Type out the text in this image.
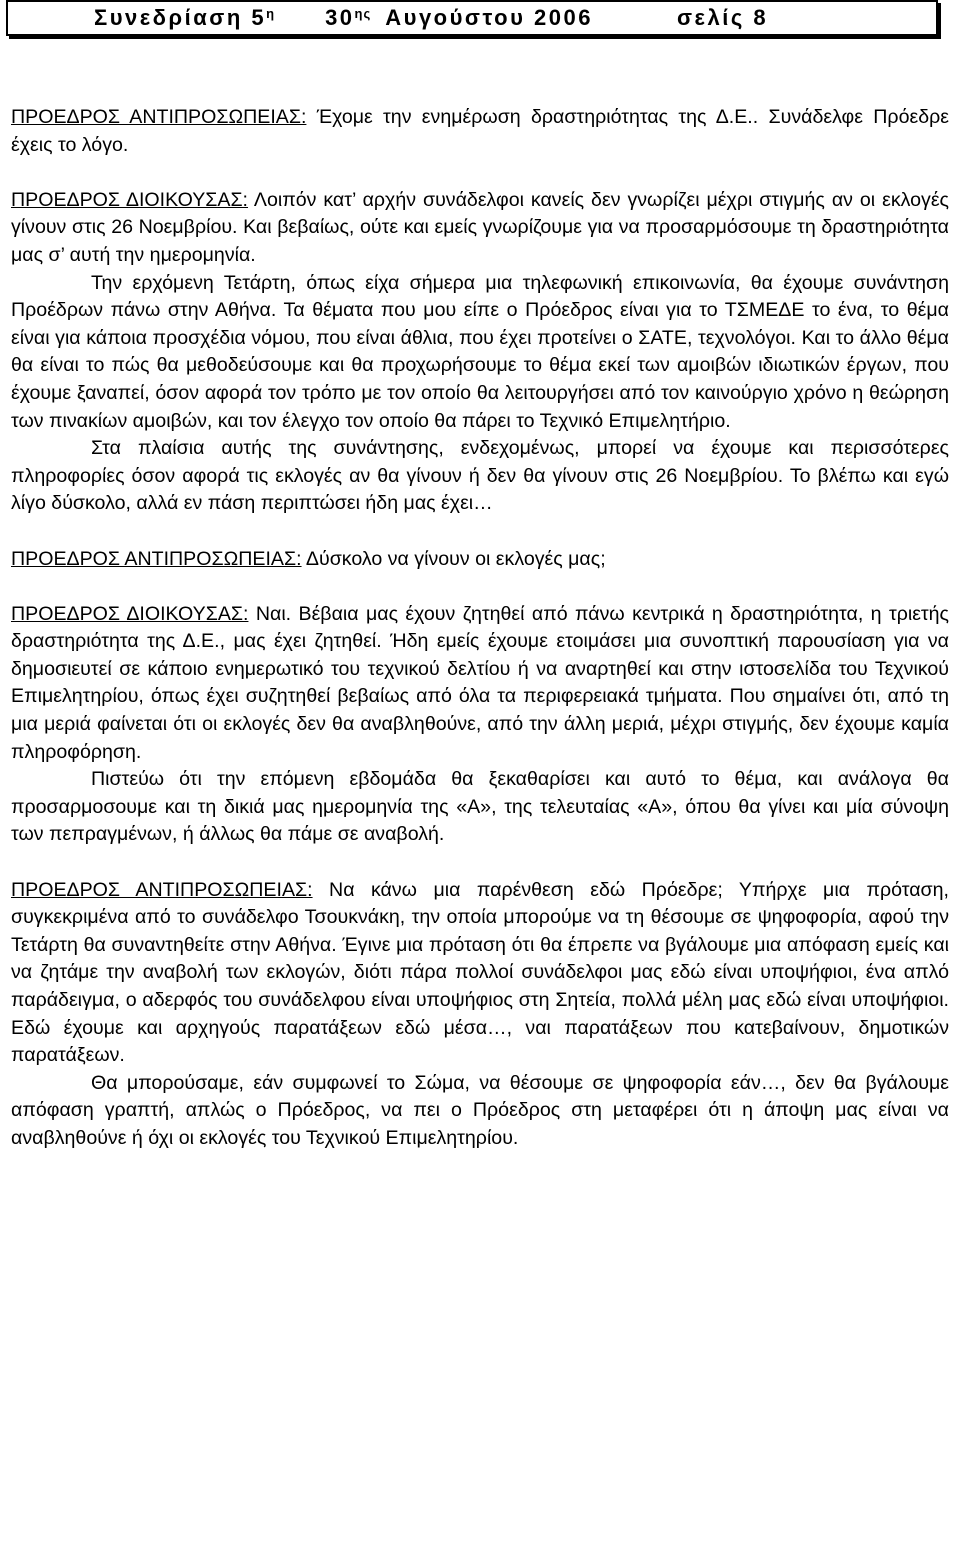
Συνεδρίαση $5^\eta$ $30^{\eta\varsigma}$ Αυγούστου 2006	σελίς 8

ΠΡΟΕΔΡΟΣ ΑΝΤΙΠΡΟΣΩΠΕΙΑΣ: Έχομε την ενημέρωση δραστηριότητας της Δ.Ε.. Συνάδελφε Πρόεδρε έχεις το λόγο.

ΠΡΟΕΔΡΟΣ ΔΙΟΙΚΟΥΣΑΣ: Λοιπόν κατ’ αρχήν συνάδελφοι κανείς δεν γνωρίζει μέχρι στιγμής αν οι εκλογές γίνουν στις 26 Νοεμβρίου. Και βεβαίως, ούτε και εμείς γνωρίζουμε για να προσαρμόσουμε τη δραστηριότητα μας σ’ αυτή την ημερομηνία.

Την ερχόμενη Τετάρτη, όπως είχα σήμερα μια τηλεφωνική επικοινωνία, θα έχουμε συνάντηση Προέδρων πάνω στην Αθήνα. Τα θέματα που μου είπε ο Πρόεδρος είναι για το ΤΣΜΕΔΕ το ένα, το θέμα είναι για κάποια προσχέδια νόμου, που είναι άθλια, που έχει προτείνει ο ΣΑΤΕ, τεχνολόγοι. Και το άλλο θέμα θα είναι το πώς θα μεθοδεύσουμε και θα προχωρήσουμε το θέμα εκεί των αμοιβών ιδιωτικών έργων, που έχουμε ξαναπεί, όσον αφορά τον τρόπο με τον οποίο θα λειτουργήσει από τον καινούργιο χρόνο η θεώρηση των πινακίων αμοιβών, και τον έλεγχο τον οποίο θα πάρει το Τεχνικό Επιμελητήριο.

Στα πλαίσια αυτής της συνάντησης, ενδεχομένως, μπορεί να έχουμε και περισσότερες πληροφορίες όσον αφορά τις εκλογές αν θα γίνουν ή δεν θα γίνουν στις 26 Νοεμβρίου. Το βλέπω και εγώ λίγο δύσκολο, αλλά εν πάση περιπτώσει ήδη μας έχει…

ΠΡΟΕΔΡΟΣ ΑΝΤΙΠΡΟΣΩΠΕΙΑΣ: Δύσκολο να γίνουν οι εκλογές μας;

ΠΡΟΕΔΡΟΣ ΔΙΟΙΚΟΥΣΑΣ: Ναι. Βέβαια μας έχουν ζητηθεί από πάνω κεντρικά η δραστηριότητα, η τριετής δραστηριότητα της Δ.Ε., μας έχει ζητηθεί. Ήδη εμείς έχουμε ετοιμάσει μια συνοπτική παρουσίαση για να δημοσιευτεί σε κάποιο ενημερωτικό του τεχνικού δελτίου ή να αναρτηθεί και στην ιστοσελίδα του Τεχνικού Επιμελητηρίου, όπως έχει συζητηθεί βεβαίως από όλα τα περιφερειακά τμήματα. Που σημαίνει ότι, από τη μια μεριά φαίνεται ότι οι εκλογές δεν θα αναβληθούνε, από την άλλη μεριά, μέχρι στιγμής, δεν έχουμε καμία πληροφόρηση.

Πιστεύω ότι την επόμενη εβδομάδα θα ξεκαθαρίσει και αυτό το θέμα, και ανάλογα θα προσαρμοσουμε και τη δικιά μας ημερομηνία της «Α», της τελευταίας «Α», όπου θα γίνει και μία σύνοψη των πεπραγμένων, ή άλλως θα πάμε σε αναβολή.

ΠΡΟΕΔΡΟΣ ΑΝΤΙΠΡΟΣΩΠΕΙΑΣ: Να κάνω μια παρένθεση εδώ Πρόεδρε; Υπήρχε μια πρόταση, συγκεκριμένα από το συνάδελφο Τσουκνάκη, την οποία μπορούμε να τη θέσουμε σε ψηφοφορία, αφού την Τετάρτη θα συναντηθείτε στην Αθήνα. Έγινε μια πρόταση ότι θα έπρεπε να βγάλουμε μια απόφαση εμείς και να ζητάμε την αναβολή των εκλογών, διότι πάρα πολλοί συνάδελφοι μας εδώ είναι υποψήφιοι, ένα απλό παράδειγμα, ο αδερφός του συνάδελφου είναι υποψήφιος στη Σητεία, πολλά μέλη μας εδώ είναι υποψήφιοι. Εδώ έχουμε και αρχηγούς παρατάξεων εδώ μέσα…, ναι παρατάξεων που κατεβαίνουν, δημοτικών παρατάξεων.

Θα μπορούσαμε, εάν συμφωνεί το Σώμα, να θέσουμε σε ψηφοφορία εάν…, δεν θα βγάλουμε απόφαση γραπτή, απλώς ο Πρόεδρος, να πει ο Πρόεδρος στη μεταφέρει ότι η άποψη μας είναι να αναβληθούνε ή όχι οι εκλογές του Τεχνικού Επιμελητηρίου.
